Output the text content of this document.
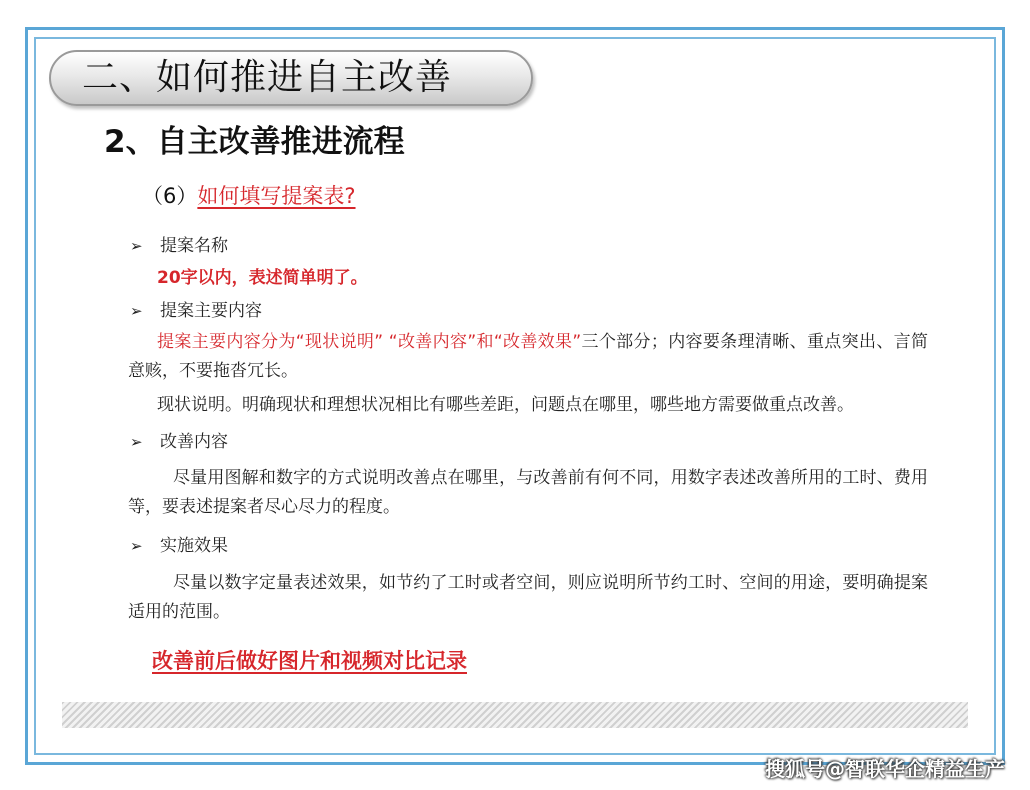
二、如何推进自主改善
2、自主改善推进流程
（6）如何填写提案表?
➢ 提案名称
20字以内，表述简单明了。
➢ 提案主要内容
提案主要内容分为“现状说明” “改善内容”和“改善效果”三个部分；内容要条理清晰、重点突出、言简意赅，不要拖沓冗长。
现状说明。明确现状和理想状况相比有哪些差距，问题点在哪里，哪些地方需要做重点改善。
➢ 改善内容
尽量用图解和数字的方式说明改善点在哪里，与改善前有何不同，用数字表述改善所用的工时、费用等，要表述提案者尽心尽力的程度。
➢ 实施效果
尽量以数字定量表述效果，如节约了工时或者空间，则应说明所节约工时、空间的用途，要明确提案适用的范围。
改善前后做好图片和视频对比记录
搜狐号@智联华企精益生产
